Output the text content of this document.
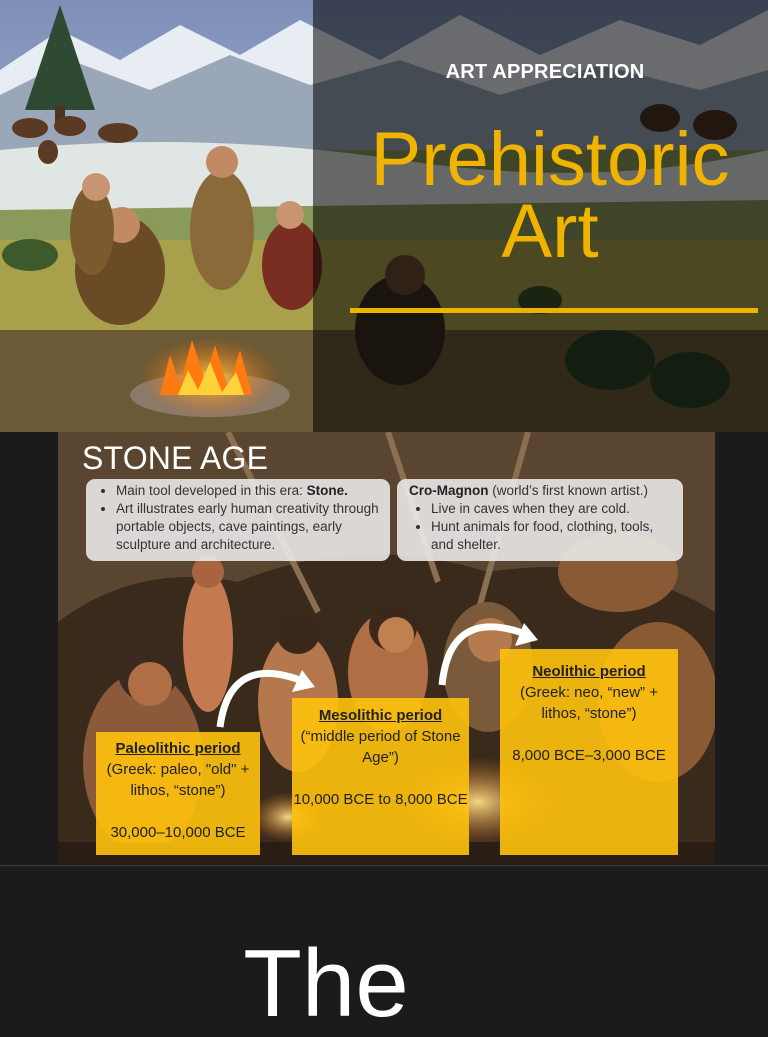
ART APPRECIATION
Prehistoric
Art
STONE AGE
• Main tool developed in this era: Stone.
• Art illustrates early human creativity through portable objects, cave paintings, early sculpture and architecture.
Cro-Magnon (world’s first known artist.)
• Live in caves when they are cold.
• Hunt animals for food, clothing, tools, and shelter.
Paleolithic period
(Greek: paleo, "old" + lithos, “stone”)
30,000–10,000 BCE
Mesolithic period
(“middle period of Stone Age”)
10,000 BCE to 8,000 BCE
Neolithic period
(Greek: neo, “new” + lithos, “stone”)
8,000 BCE–3,000 BCE
The
